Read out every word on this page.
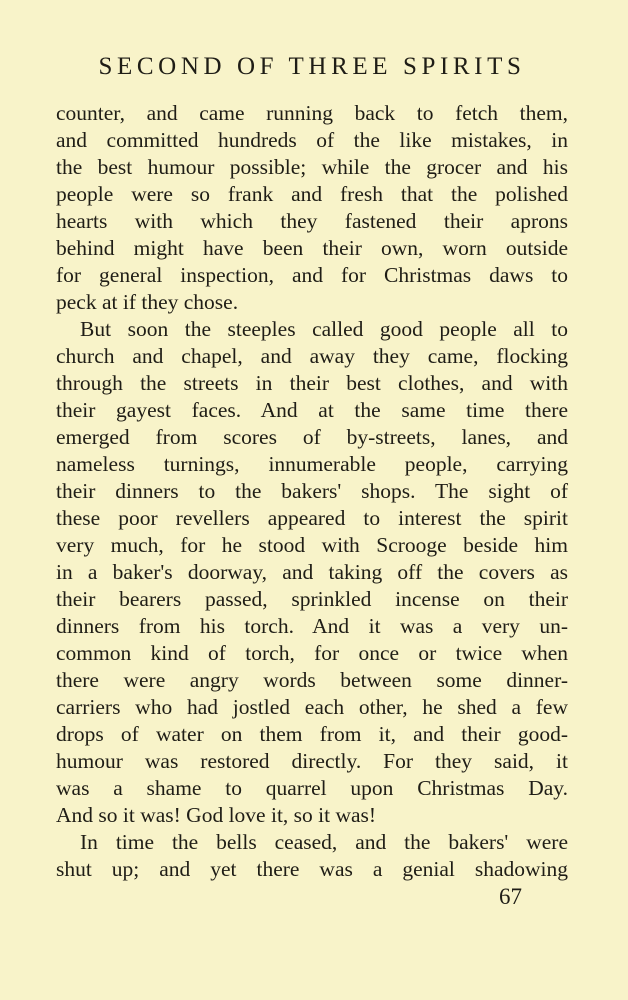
SECOND OF THREE SPIRITS
counter, and came running back to fetch them,
and committed hundreds of the like mistakes, in
the best humour possible; while the grocer and his
people were so frank and fresh that the polished
hearts with which they fastened their aprons
behind might have been their own, worn outside
for general inspection, and for Christmas daws to
peck at if they chose.
But soon the steeples called good people all to
church and chapel, and away they came, flocking
through the streets in their best clothes, and with
their gayest faces. And at the same time there
emerged from scores of by-streets, lanes, and
nameless turnings, innumerable people, carrying
their dinners to the bakers' shops. The sight of
these poor revellers appeared to interest the spirit
very much, for he stood with Scrooge beside him
in a baker's doorway, and taking off the covers as
their bearers passed, sprinkled incense on their
dinners from his torch. And it was a very un-
common kind of torch, for once or twice when
there were angry words between some dinner-
carriers who had jostled each other, he shed a few
drops of water on them from it, and their good-
humour was restored directly. For they said, it
was a shame to quarrel upon Christmas Day.
And so it was! God love it, so it was!
In time the bells ceased, and the bakers' were
shut up; and yet there was a genial shadowing
67
